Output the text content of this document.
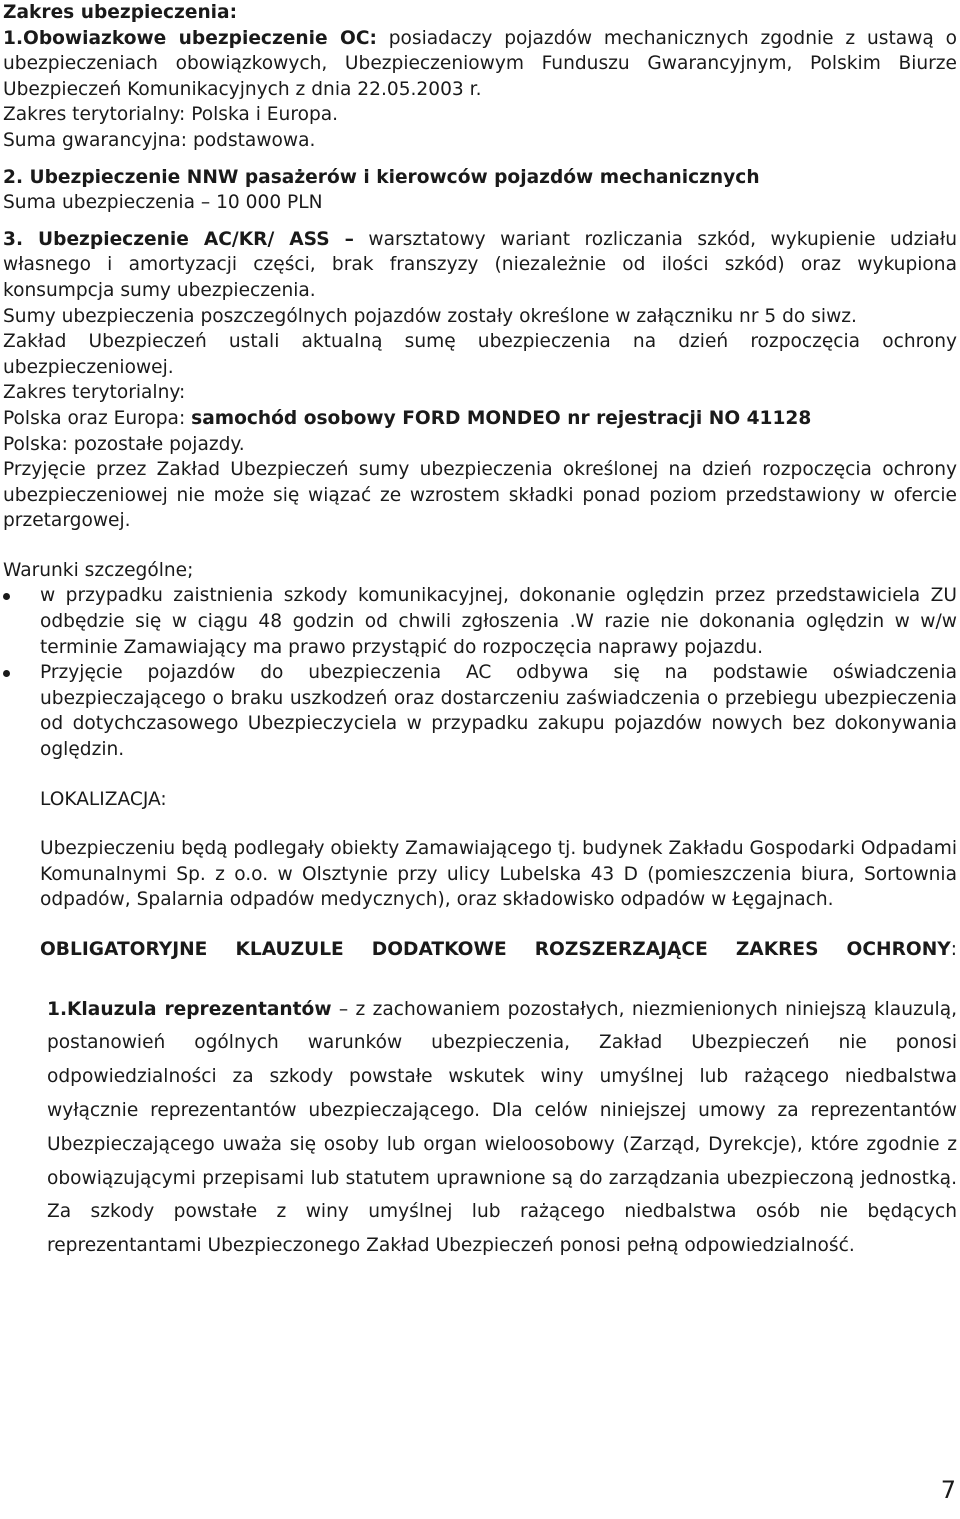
Zakres ubezpieczenia:

1.Obowiazkowe ubezpieczenie OC: posiadaczy pojazdów mechanicznych zgodnie z ustawą o ubezpieczeniach obowiązkowych, Ubezpieczeniowym Funduszu Gwarancyjnym, Polskim Biurze Ubezpieczeń Komunikacyjnych z dnia 22.05.2003 r.

Zakres terytorialny: Polska i Europa.

Suma gwarancyjna: podstawowa.

2. Ubezpieczenie NNW pasażerów i kierowców pojazdów mechanicznych

Suma ubezpieczenia – 10 000 PLN

3. Ubezpieczenie AC/KR/ ASS – warsztatowy wariant rozliczania szkód, wykupienie udziału własnego i amortyzacji części, brak franszyzy (niezależnie od ilości szkód) oraz wykupiona konsumpcja sumy ubezpieczenia.

Sumy ubezpieczenia poszczególnych pojazdów zostały określone w załączniku nr 5 do siwz.

Zakład Ubezpieczeń ustali aktualną sumę ubezpieczenia na dzień rozpoczęcia ochrony ubezpieczeniowej.

Zakres terytorialny:

Polska oraz Europa: samochód osobowy FORD MONDEO nr rejestracji NO 41128

Polska: pozostałe pojazdy.

Przyjęcie przez Zakład Ubezpieczeń sumy ubezpieczenia określonej na dzień rozpoczęcia ochrony ubezpieczeniowej nie może się wiązać ze wzrostem składki ponad poziom przedstawiony w ofercie przetargowej.

Warunki szczególne;

w przypadku zaistnienia szkody komunikacyjnej, dokonanie oględzin przez przedstawiciela ZU odbędzie się w ciągu 48 godzin od chwili zgłoszenia .W razie nie dokonania oględzin w w/w terminie Zamawiający ma prawo przystąpić do rozpoczęcia naprawy pojazdu.
Przyjęcie pojazdów do ubezpieczenia AC odbywa się na podstawie oświadczenia ubezpieczającego o braku uszkodzeń oraz dostarczeniu zaświadczenia o przebiegu ubezpieczenia od dotychczasowego Ubezpieczyciela w przypadku zakupu pojazdów nowych bez dokonywania oględzin.

LOKALIZACJA:

Ubezpieczeniu będą podlegały obiekty Zamawiającego tj. budynek Zakładu Gospodarki Odpadami Komunalnymi Sp. z o.o. w Olsztynie przy ulicy Lubelska 43 D (pomieszczenia biura, Sortownia odpadów, Spalarnia odpadów medycznych), oraz składowisko odpadów w Łęgajnach.

OBLIGATORYJNE KLAUZULE DODATKOWE ROZSZERZAJĄCE ZAKRES OCHRONY:

1.Klauzula reprezentantów – z zachowaniem pozostałych, niezmienionych niniejszą klauzulą, postanowień ogólnych warunków ubezpieczenia, Zakład Ubezpieczeń nie ponosi odpowiedzialności za szkody powstałe wskutek winy umyślnej lub rażącego niedbalstwa wyłącznie reprezentantów ubezpieczającego. Dla celów niniejszej umowy za reprezentantów Ubezpieczającego uważa się osoby lub organ wieloosobowy (Zarząd, Dyrekcje), które zgodnie z obowiązującymi przepisami lub statutem uprawnione są do zarządzania ubezpieczoną jednostką. Za szkody powstałe z winy umyślnej lub rażącego niedbalstwa osób nie będących reprezentantami Ubezpieczonego Zakład Ubezpieczeń ponosi pełną odpowiedzialność.

7
